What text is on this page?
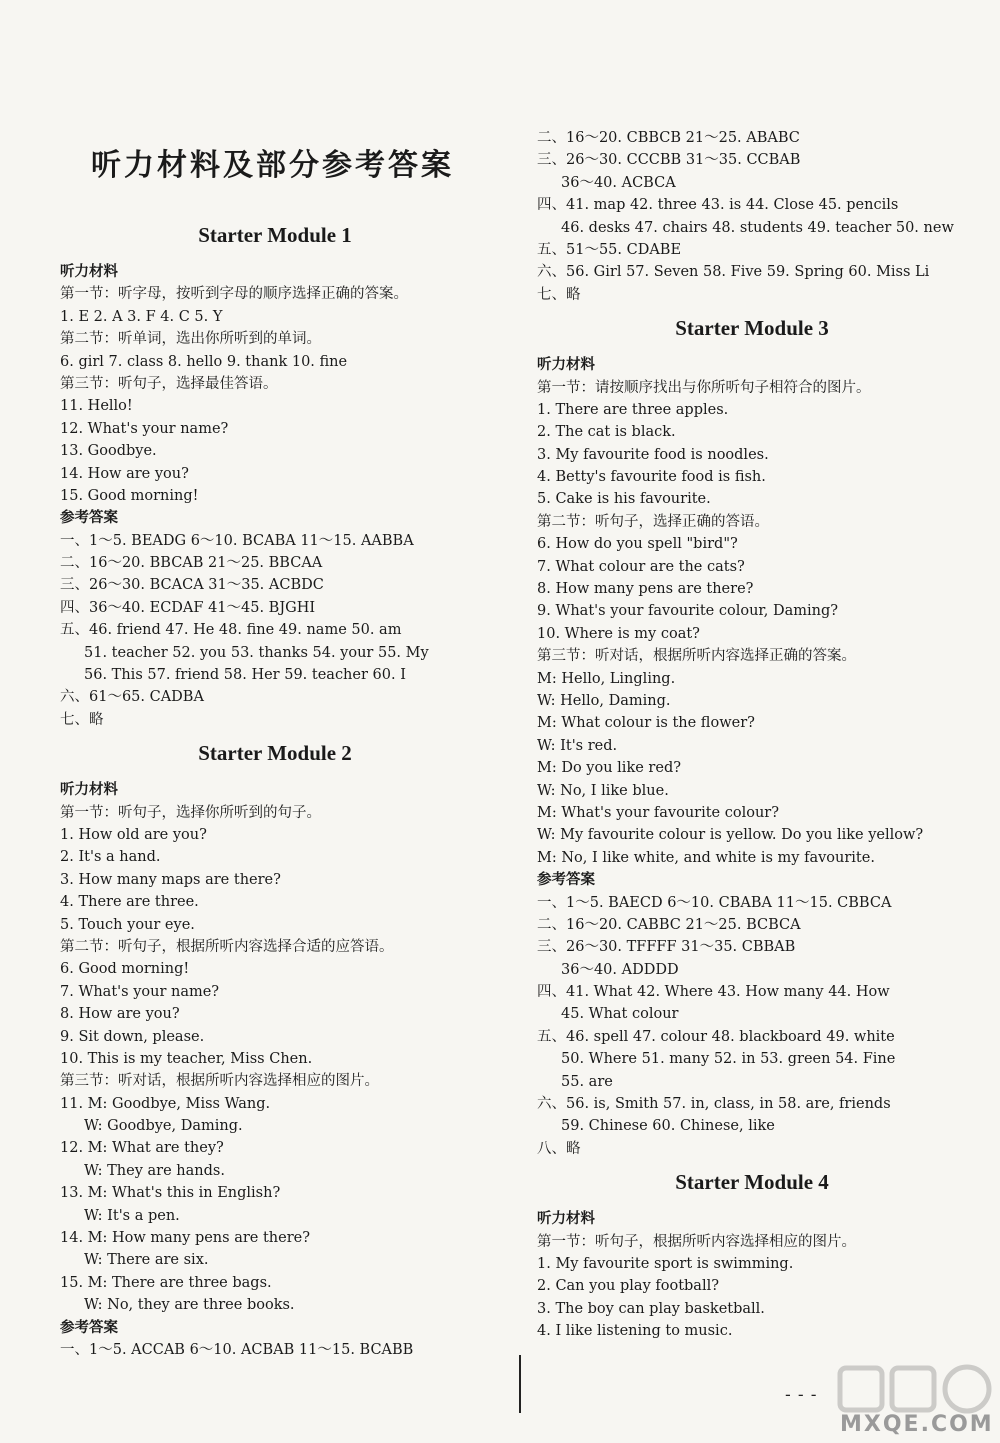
听力材料及部分参考答案
Starter Module 1
听力材料
第一节：听字母，按听到字母的顺序选择正确的答案。
1. E 2. A 3. F 4. C 5. Y
第二节：听单词，选出你所听到的单词。
6. girl 7. class 8. hello 9. thank 10. fine
第三节：听句子，选择最佳答语。
11. Hello!
12. What's your name?
13. Goodbye.
14. How are you?
15. Good morning!
参考答案
一、1～5. BEADG 6～10. BCABA 11～15. AABBA
二、16～20. BBCAB 21～25. BBCAA
三、26～30. BCACA 31～35. ACBDC
四、36～40. ECDAF 41～45. BJGHI
五、46. friend 47. He 48. fine 49. name 50. am
51. teacher 52. you 53. thanks 54. your 55. My
56. This 57. friend 58. Her 59. teacher 60. I
六、61～65. CADBA
七、略
Starter Module 2
听力材料
第一节：听句子，选择你所听到的句子。
1. How old are you?
2. It's a hand.
3. How many maps are there?
4. There are three.
5. Touch your eye.
第二节：听句子，根据所听内容选择合适的应答语。
6. Good morning!
7. What's your name?
8. How are you?
9. Sit down, please.
10. This is my teacher, Miss Chen.
第三节：听对话，根据所听内容选择相应的图片。
11. M: Goodbye, Miss Wang.
W: Goodbye, Daming.
12. M: What are they?
W: They are hands.
13. M: What's this in English?
W: It's a pen.
14. M: How many pens are there?
W: There are six.
15. M: There are three bags.
W: No, they are three books.
参考答案
一、1～5. ACCAB 6～10. ACBAB 11～15. BCABB
二、16～20. CBBCB 21～25. ABABC
三、26～30. CCCBB 31～35. CCBAB
36～40. ACBCA
四、41. map 42. three 43. is 44. Close 45. pencils
46. desks 47. chairs 48. students 49. teacher 50. new
五、51～55. CDABE
六、56. Girl 57. Seven 58. Five 59. Spring 60. Miss Li
七、略
Starter Module 3
听力材料
第一节：请按顺序找出与你所听句子相符合的图片。
1. There are three apples.
2. The cat is black.
3. My favourite food is noodles.
4. Betty's favourite food is fish.
5. Cake is his favourite.
第二节：听句子，选择正确的答语。
6. How do you spell "bird"?
7. What colour are the cats?
8. How many pens are there?
9. What's your favourite colour, Daming?
10. Where is my coat?
第三节：听对话，根据所听内容选择正确的答案。
M: Hello, Lingling.
W: Hello, Daming.
M: What colour is the flower?
W: It's red.
M: Do you like red?
W: No, I like blue.
M: What's your favourite colour?
W: My favourite colour is yellow. Do you like yellow?
M: No, I like white, and white is my favourite.
参考答案
一、1～5. BAECD 6～10. CBABA 11～15. CBBCA
二、16～20. CABBC 21～25. BCBCA
三、26～30. TFFFF 31～35. CBBAB
36～40. ADDDD
四、41. What 42. Where 43. How many 44. How
45. What colour
五、46. spell 47. colour 48. blackboard 49. white
50. Where 51. many 52. in 53. green 54. Fine
55. are
六、56. is, Smith 57. in, class, in 58. are, friends
59. Chinese 60. Chinese, like
八、略
Starter Module 4
听力材料
第一节：听句子，根据所听内容选择相应的图片。
1. My favourite sport is swimming.
2. Can you play football?
3. The boy can play basketball.
4. I like listening to music.
- - -
MXQE.COM
